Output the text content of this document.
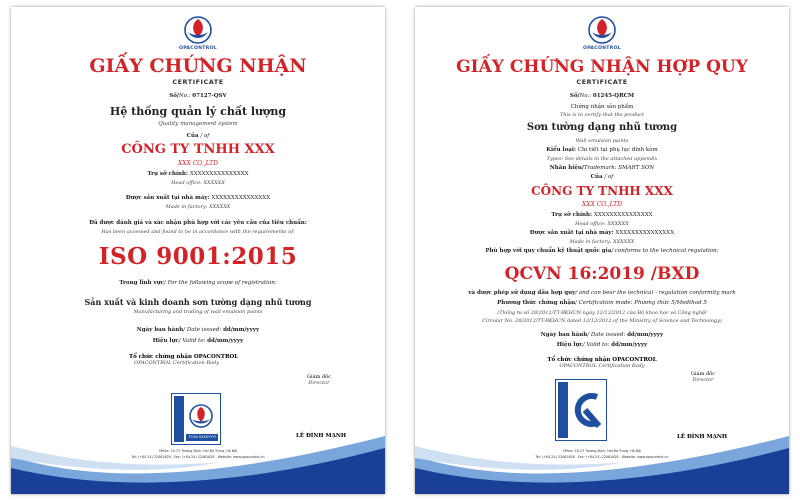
OPACONTROL
GIẤY CHỨNG NHẬN
CERTIFICATE
Số/No.: 07127-QSV
Hệ thống quản lý chất lượng
Quality management system
Của / of
CÔNG TY TNHH XXX
XXX CO.,LTD
Trụ sở chính: XXXXXXXXXXXXXXX
Head office: XXXXXX
Được sản xuất tại nhà máy: XXXXXXXXXXXXXXX
Made in factory: XXXXXX
Đã được đánh giá và xác nhận phù hợp với các yêu cầu của tiêu chuẩn:
Has been accessed and found to be in accordance with the requirements of:
ISO 9001:2015
Trong lĩnh vực/ For the following scope of registration:
Sản xuất và kinh doanh sơn tường dạng nhũ tương
Manufacturing and trading of wall emulsion paints
Ngày ban hành/ Date issued: dd/mm/yyyy
Hiệu lực/ Valid to: dd/mm/yyyy
Tổ chức chứng nhận OPACONTROL
OPACONTROL Certification Body
Giám đốc
Director
TCVN XXXXYYYY	LÊ ĐÌNH MẠNH
Office: 25-27 Trương Định, Hai Bà Trưng, Hà Nội
Tel: (+84-24) 22061628 - Fax: (+84-24) 22061628 - Website: www.opacontrol.vn
OPACONTROL
GIẤY CHỨNG NHẬN HỢP QUY
CERTIFICATE
Số/No.: 01245-QRCM
Chứng nhận sản phẩm
This is to certify that the product
Sơn tường dạng nhũ tương
Wall emulsion paints
Kiểu loại: Chi tiết tại phụ lục đính kèm
Types: See details in the attached appendix
Nhãn hiệu/Trademark: SMART SON
Của / of
CÔNG TY TNHH XXX
XXX CO.,LTD
Trụ sở chính: XXXXXXXXXXXXXXX
Head office: XXXXXX
Được sản xuất tại nhà máy: XXXXXXXXXXXXXXX
Made in factory: XXXXXX
Phù hợp với quy chuẩn kỹ thuật quốc gia/ conforms to the technical regulation:
QCVN 16:2019 /BXD
và được phép sử dụng dấu hợp quy/ and can bear the technical - regulation conformity mark
Phương thức chứng nhận/ Certification mode: Phương thức 5/Medthod 5
(Thông tư số 28/2012/TT-BKHCN ngày 12/12/2012 của Bộ khoa học và Công nghệ/
Circular No. 28/2012/TT-BKHCN dated 12/12/2012 of the Ministry of Science and Technology)
Ngày ban hành/ Date issued: dd/mm/yyyy
Hiệu lực/ Valid to: dd/mm/yyyy
Tổ chức chứng nhận OPACONTROL
OPACONTROL Certification Body
Giám đốc
Director
LÊ ĐÌNH MẠNH
Office: 25-27 Trương Định, Hai Bà Trưng, Hà Nội
Tel: (+84-24) 22061628 - Fax: (+84-24) 22061628 - Website: www.opacontrol.vn
